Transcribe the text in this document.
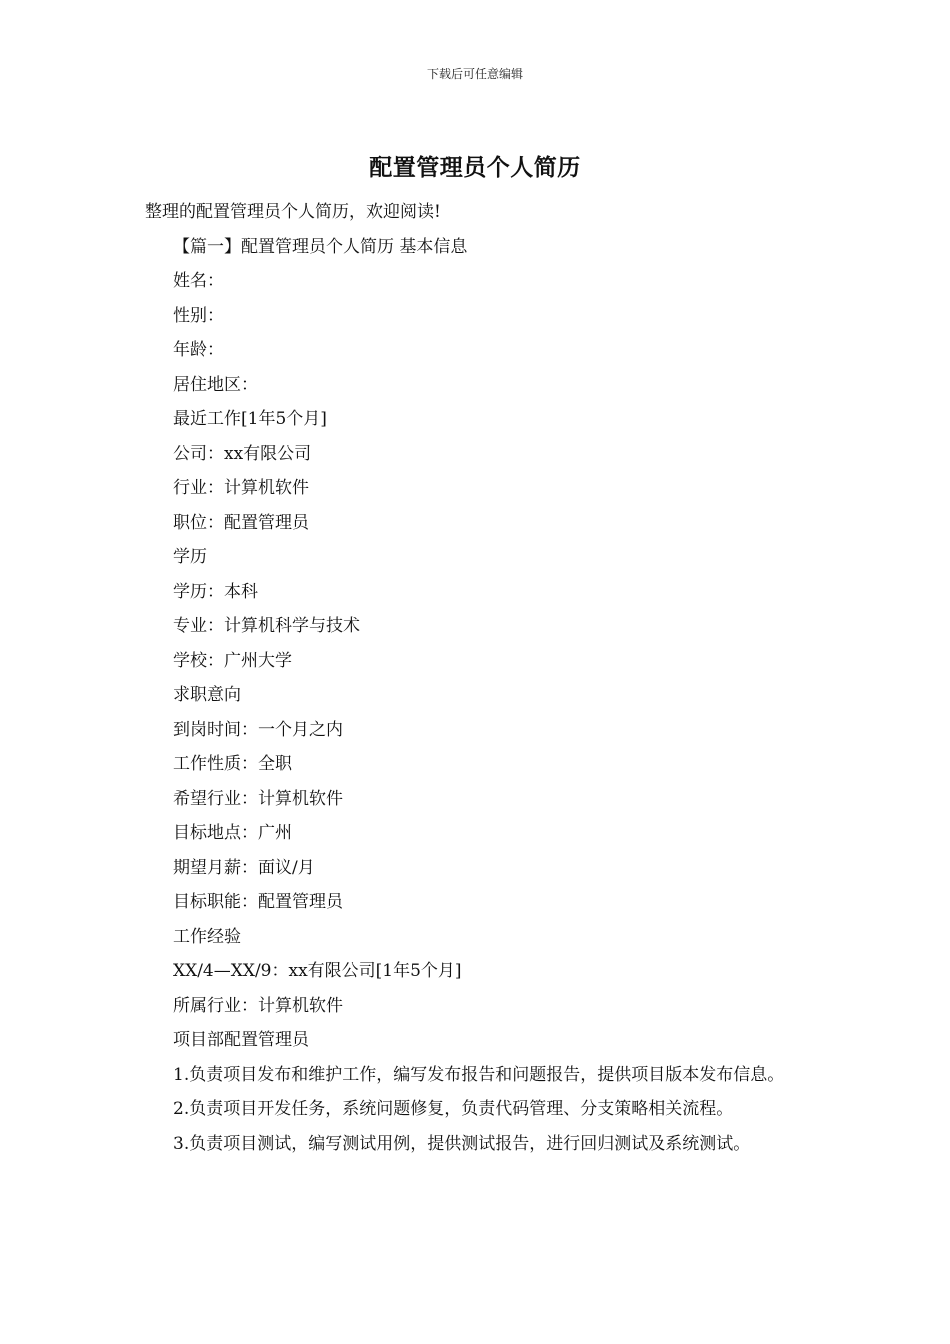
下载后可任意编辑
配置管理员个人简历
整理的配置管理员个人简历，欢迎阅读!
【篇一】配置管理员个人简历 基本信息
姓名：
性别：
年龄：
居住地区：
最近工作[1年5个月]
公司：xx有限公司
行业：计算机软件
职位：配置管理员
学历
学历：本科
专业：计算机科学与技术
学校：广州大学
求职意向
到岗时间：一个月之内
工作性质：全职
希望行业：计算机软件
目标地点：广州
期望月薪：面议/月
目标职能：配置管理员
工作经验
XX/4—XX/9：xx有限公司[1年5个月]
所属行业：计算机软件
项目部配置管理员
1.负责项目发布和维护工作，编写发布报告和问题报告，提供项目版本发布信息。
2.负责项目开发任务，系统问题修复，负责代码管理、分支策略相关流程。
3.负责项目测试，编写测试用例，提供测试报告，进行回归测试及系统测试。
